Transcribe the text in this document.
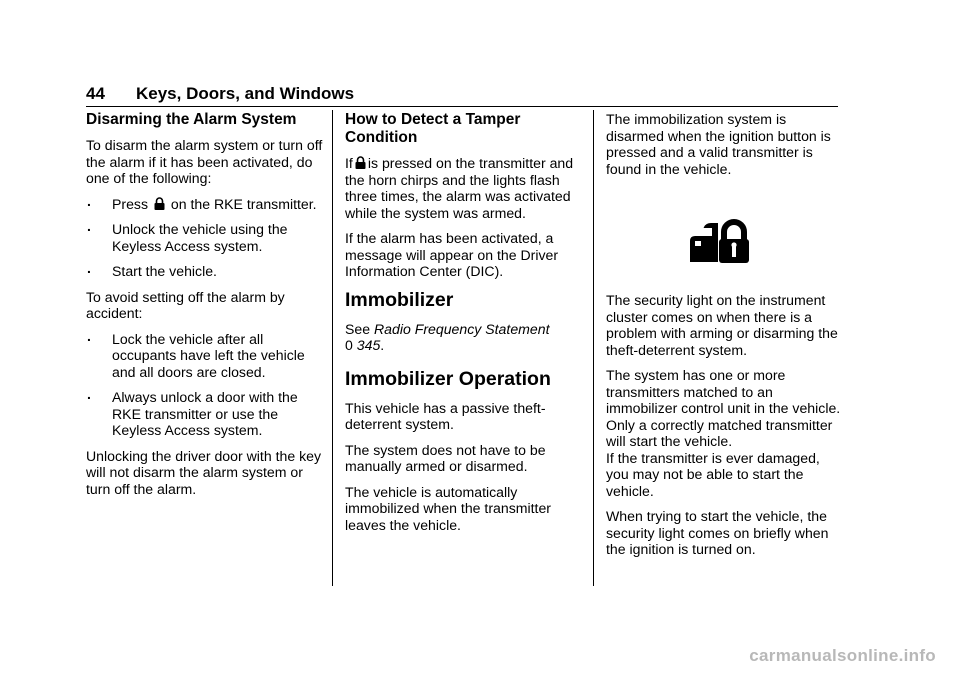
44 Keys, Doors, and Windows
Disarming the Alarm System

To disarm the alarm system or turn off the alarm if it has been activated, do one of the following:

. Press on the RKE transmitter.
. Unlock the vehicle using the Keyless Access system.
. Start the vehicle.

To avoid setting off the alarm by accident:

. Lock the vehicle after all occupants have left the vehicle and all doors are closed.
. Always unlock a door with the RKE transmitter or use the Keyless Access system.

Unlocking the driver door with the key will not disarm the alarm system or turn off the alarm.

How to Detect a Tamper Condition

If is pressed on the transmitter and the horn chirps and the lights flash three times, the alarm was activated while the system was armed.

If the alarm has been activated, a message will appear on the Driver Information Center (DIC).

Immobilizer

See Radio Frequency Statement
0 345.

Immobilizer Operation

This vehicle has a passive theft-deterrent system.

The system does not have to be manually armed or disarmed.

The vehicle is automatically immobilized when the transmitter leaves the vehicle.

The immobilization system is disarmed when the ignition button is pressed and a valid transmitter is found in the vehicle.

The security light on the instrument cluster comes on when there is a problem with arming or disarming the theft-deterrent system.

The system has one or more transmitters matched to an immobilizer control unit in the vehicle. Only a correctly matched transmitter will start the vehicle.

If the transmitter is ever damaged, you may not be able to start the vehicle.

When trying to start the vehicle, the security light comes on briefly when the ignition is turned on.

carmanualsonline.info
